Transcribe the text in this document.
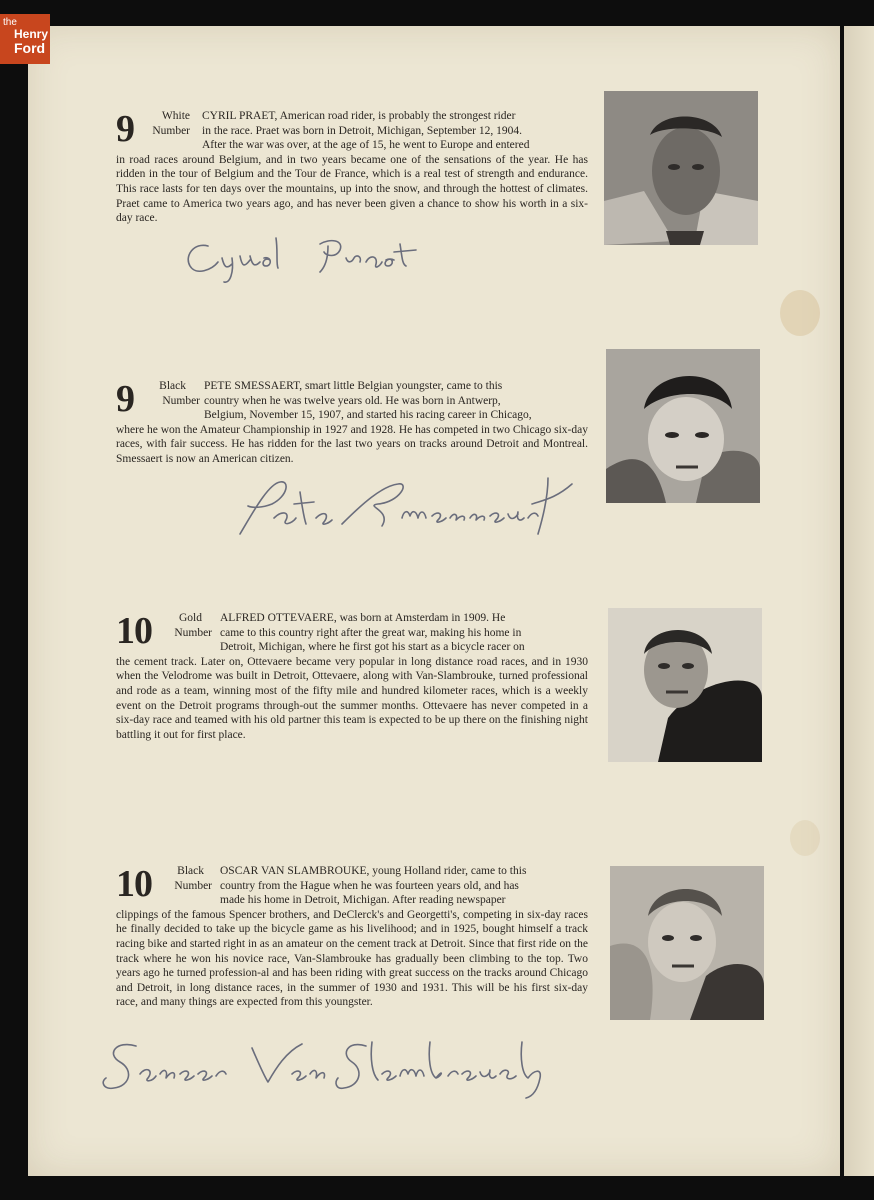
the
Henry
Ford
9	White
Number
CYRIL PRAET, American road rider, is probably the strongest rider
in the race. Praet was born in Detroit, Michigan, September 12, 1904.
After the war was over, at the age of 15, he went to Europe and entered

in road races around Belgium, and in two years became one of the sensations of the year. He has ridden in the tour of Belgium and the Tour de France, which is a real test of strength and endurance. This race lasts for ten days over the mountains, up into the snow, and through the hottest of climates. Praet came to America two years ago, and has never been given a chance to show his worth in a six-day race.

9	Black
Number
PETE SMESSAERT, smart little Belgian youngster, came to this
country when he was twelve years old. He was born in Antwerp,
Belgium, November 15, 1907, and started his racing career in Chicago,

where he won the Amateur Championship in 1927 and 1928. He has competed in two Chicago six-day races, with fair success. He has ridden for the last two years on tracks around Detroit and Montreal. Smessaert is now an American citizen.

10	Gold
Number
ALFRED OTTEVAERE, was born at Amsterdam in 1909. He
came to this country right after the great war, making his home in
Detroit, Michigan, where he first got his start as a bicycle racer on

the cement track. Later on, Ottevaere became very popular in long distance road races, and in 1930 when the Velodrome was built in Detroit, Ottevaere, along with Van-Slambrouke, turned professional and rode as a team, winning most of the fifty mile and hundred kilometer races, which is a weekly event on the Detroit programs through-out the summer months. Ottevaere has never competed in a six-day race and teamed with his old partner this team is expected to be up there on the finishing night battling it out for first place.

10	Black
Number
OSCAR VAN SLAMBROUKE, young Holland rider, came to this
country from the Hague when he was fourteen years old, and has
made his home in Detroit, Michigan. After reading newspaper

clippings of the famous Spencer brothers, and DeClerck's and Georgetti's, competing in six-day races he finally decided to take up the bicycle game as his livelihood; and in 1925, bought himself a track racing bike and started right in as an amateur on the cement track at Detroit. Since that first ride on the track where he won his novice race, Van-Slambrouke has gradually been climbing to the top. Two years ago he turned profession-al and has been riding with great success on the tracks around Chicago and Detroit, in long distance races, in the summer of 1930 and 1931. This will be his first six-day race, and many things are expected from this youngster.
